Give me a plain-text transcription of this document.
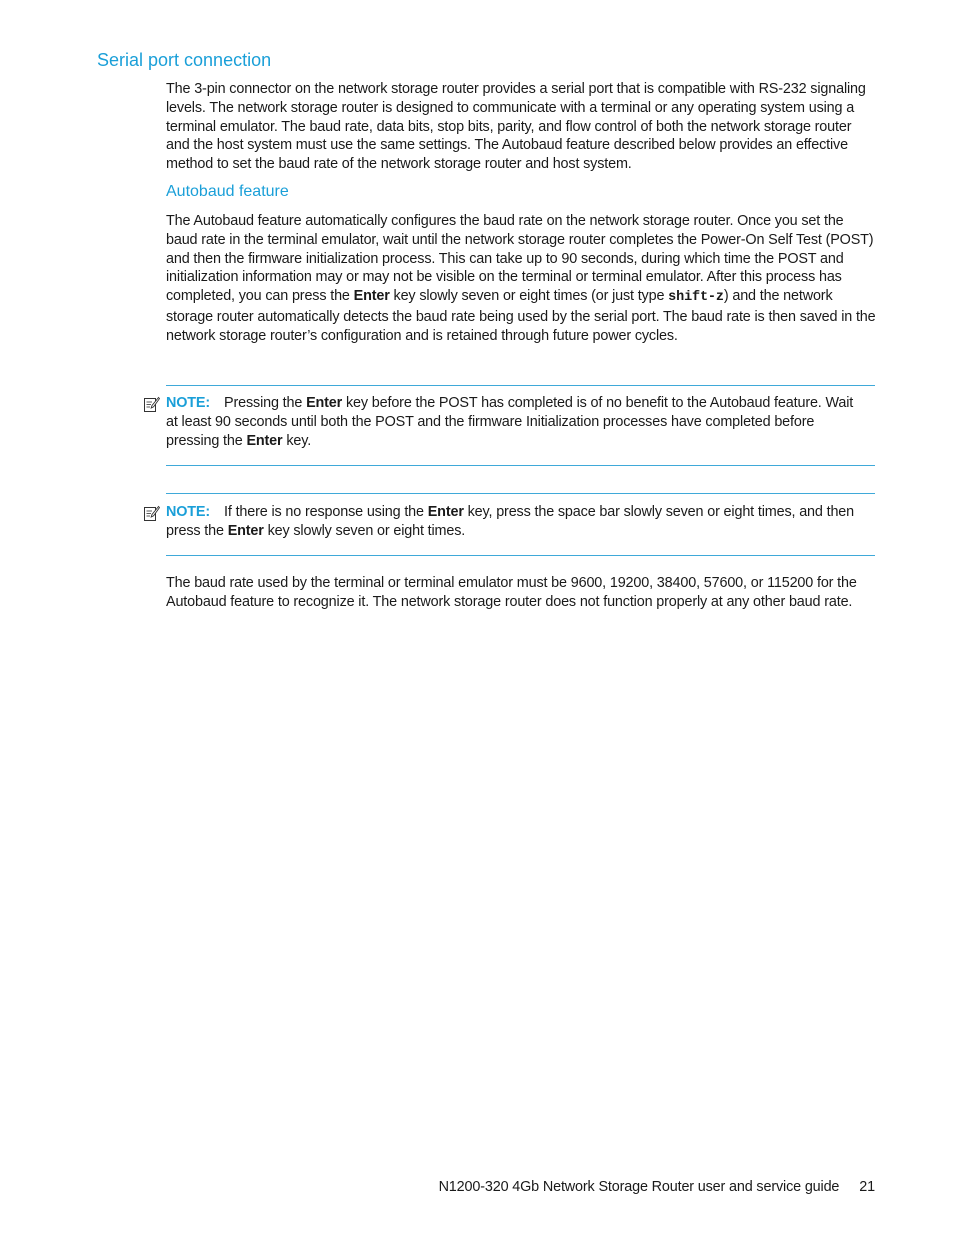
Serial port connection

The 3-pin connector on the network storage router provides a serial port that is compatible with RS-232 signaling levels. The network storage router is designed to communicate with a terminal or any operating system using a terminal emulator. The baud rate, data bits, stop bits, parity, and flow control of both the network storage router and the host system must use the same settings. The Autobaud feature described below provides an effective method to set the baud rate of the network storage router and host system.

Autobaud feature

The Autobaud feature automatically configures the baud rate on the network storage router. Once you set the baud rate in the terminal emulator, wait until the network storage router completes the Power-On Self Test (POST) and then the firmware initialization process. This can take up to 90 seconds, during which time the POST and initialization information may or may not be visible on the terminal or terminal emulator. After this process has completed, you can press the Enter key slowly seven or eight times (or just type shift-z) and the network storage router automatically detects the baud rate being used by the serial port. The baud rate is then saved in the network storage router’s configuration and is retained through future power cycles.

NOTE: Pressing the Enter key before the POST has completed is of no benefit to the Autobaud feature. Wait at least 90 seconds until both the POST and the firmware Initialization processes have completed before pressing the Enter key.
NOTE: If there is no response using the Enter key, press the space bar slowly seven or eight times, and then press the Enter key slowly seven or eight times.

The baud rate used by the terminal or terminal emulator must be 9600, 19200, 38400, 57600, or 115200 for the Autobaud feature to recognize it. The network storage router does not function properly at any other baud rate.

N1200-320 4Gb Network Storage Router user and service guide 21
